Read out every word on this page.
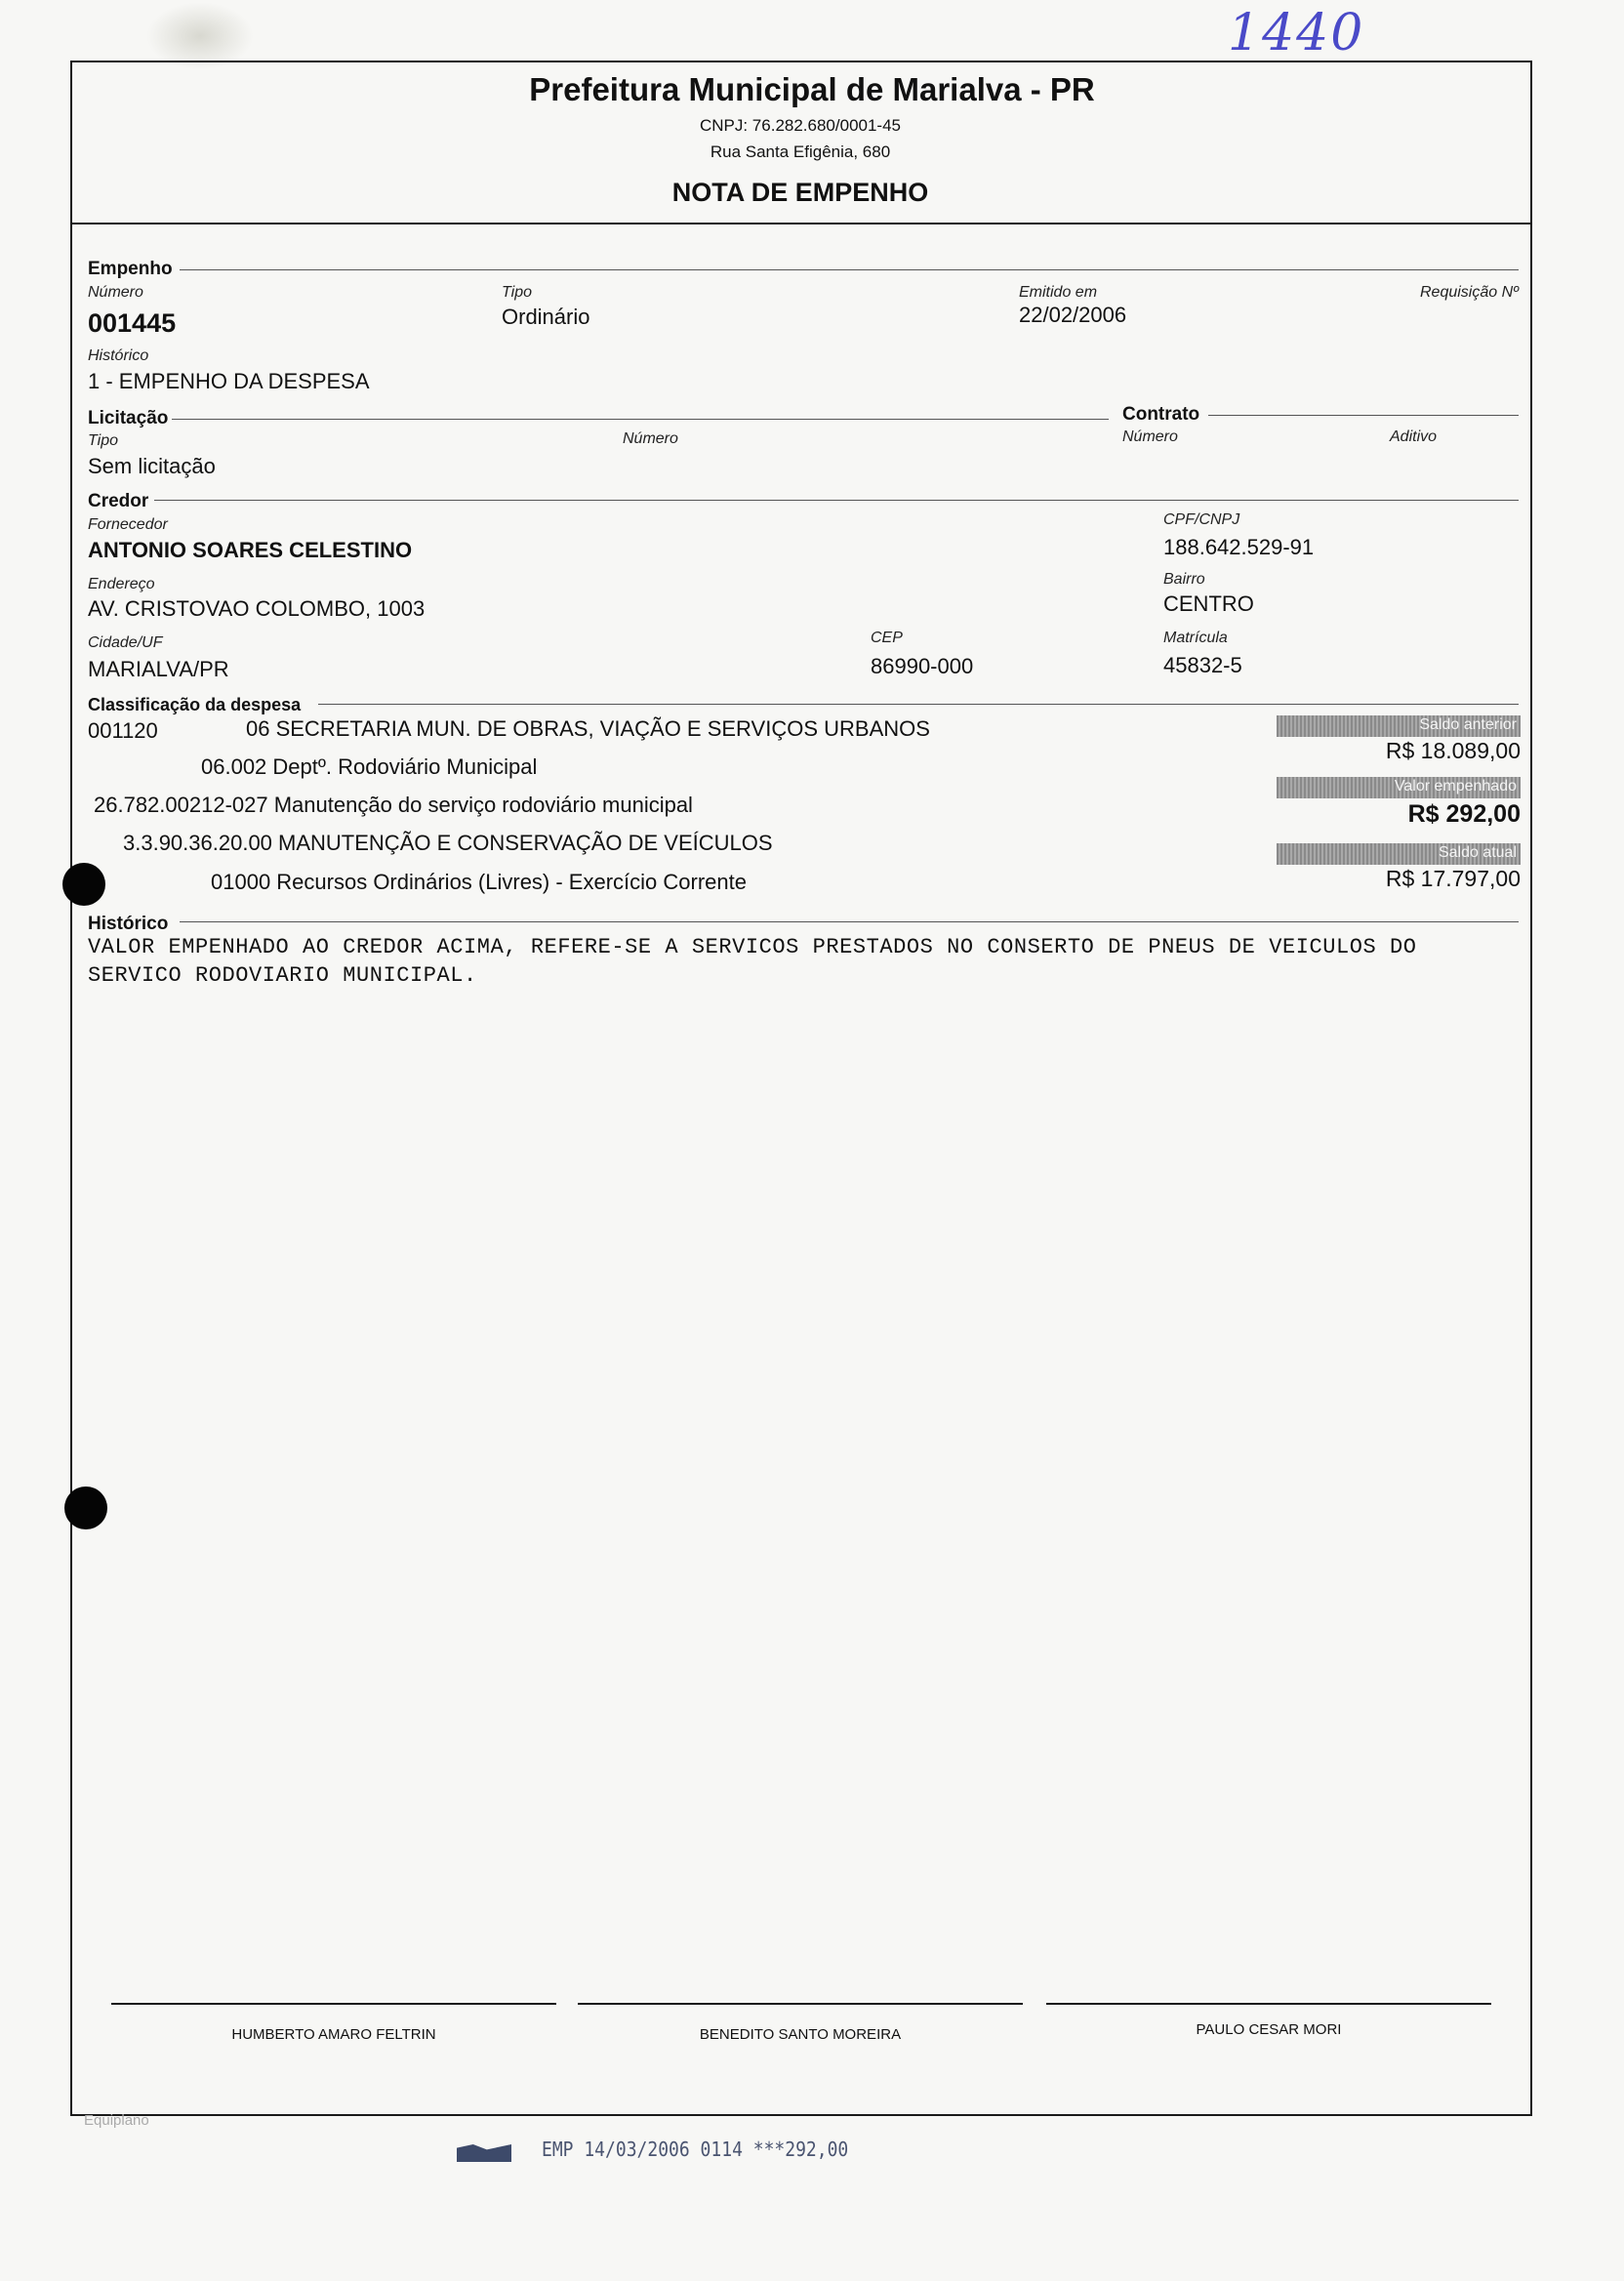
1440
Prefeitura Municipal de Marialva - PR
CNPJ: 76.282.680/0001-45
Rua Santa Efigênia, 680
NOTA DE EMPENHO
Empenho
Número
001445
Tipo
Ordinário
Emitido em
22/02/2006
Requisição Nº
Histórico
1 - EMPENHO DA DESPESA
Licitação	Contrato
Tipo
Sem licitação
Número	Número	Aditivo
Credor
Fornecedor
ANTONIO SOARES CELESTINO
CPF/CNPJ
188.642.529-91
Endereço
AV. CRISTOVAO COLOMBO, 1003
Bairro
CENTRO
Cidade/UF
MARIALVA/PR
CEP
86990-000
Matrícula
45832-5
Classificação da despesa
001120	06 SECRETARIA MUN. DE OBRAS, VIAÇÃO E SERVIÇOS URBANOS
06.002 Deptº. Rodoviário Municipal
26.782.00212-027 Manutenção do serviço rodoviário municipal
3.3.90.36.20.00 MANUTENÇÃO E CONSERVAÇÃO DE VEÍCULOS
01000 Recursos Ordinários (Livres) - Exercício Corrente
Saldo anterior
R$ 18.089,00
Valor empenhado
R$ 292,00
Saldo atual
R$ 17.797,00
Histórico
VALOR EMPENHADO AO CREDOR ACIMA, REFERE-SE A SERVICOS PRESTADOS NO CONSERTO DE PNEUS DE VEICULOS DO
SERVICO RODOVIARIO MUNICIPAL.
HUMBERTO AMARO FELTRIN	BENEDITO SANTO MOREIRA	PAULO CESAR MORI
Equiplano
EMP 14/03/2006 0114 ***292,00
